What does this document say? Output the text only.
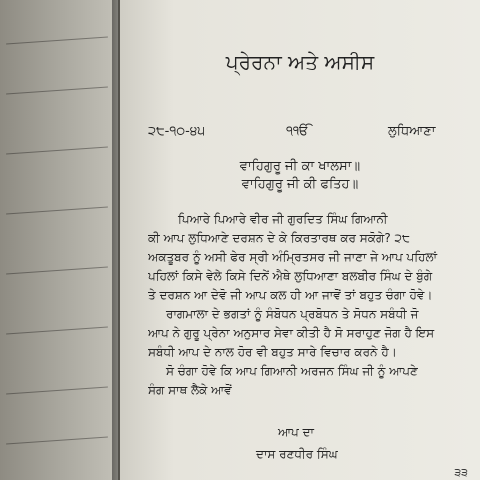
ਪ੍ਰੇਰਨਾ ਅਤੇ ਅਸੀਸ
੨੮-੧੦-੪੫	੧ੴ	ਲੁਧਿਆਣਾ
ਵਾਹਿਗੁਰੂ ਜੀ ਕਾ ਖਾਲਸਾ॥
ਵਾਹਿਗੁਰੂ ਜੀ ਕੀ ਫਤਿਹ॥
ਪਿਆਰੇ ਪਿਆਰੇ ਵੀਰ ਜੀ ਗੁਰਦਿਤ ਸਿੰਘ ਗਿਆਨੀ
ਕੀ ਆਪ ਲੁਧਿਆਣੇ ਦਰਸ਼ਨ ਦੇ ਕੇ ਕਿਰਤਾਰਥ ਕਰ ਸਕੋਗੇ? ੨੮
ਅਕਤੂਬਰ ਨੂੰ ਅਸੀ ਫੇਰ ਸ੍ਰੀ ਅੰਮ੍ਰਿਤਸਰ ਜੀ ਜਾਣਾ ਜੇ ਆਪ ਪਹਿਲਾਂ
ਪਹਿਲਾਂ ਕਿਸੇ ਵੇਲੇ ਕਿਸੇ ਦਿਨੇਂ ਐਥੇ ਲੁਧਿਆਣਾ ਬਲਬੀਰ ਸਿੰਘ ਦੇ ਬੁੰਗੇ
ਤੇ ਦਰਸ਼ਨ ਆ ਦੇਵੋ ਜੀ ਆਪ ਕਲ ਹੀ ਆ ਜਾਵੋਂ ਤਾਂ ਬਹੁਤ ਚੰਗਾ ਹੋਵੇ।
ਰਾਗਮਾਲਾ ਦੇ ਭਗਤਾਂ ਨੂੰ ਸੰਬੋਧਨ ਪ੍ਰਬੋਧਨ ਤੇ ਸੋਧਨ ਸਬੰਧੀ ਜੋ
ਆਪ ਨੇ ਗੁਰੂ ਪ੍ਰੇਨਾ ਅਨੁਸਾਰ ਸੇਵਾ ਕੀਤੀ ਹੈ ਸੋ ਸਰਾਹੁਣ ਜੋਗ ਹੈ ਇਸ
ਸਬੰਧੀ ਆਪ ਦੇ ਨਾਲ ਹੋਰ ਵੀ ਬਹੁਤ ਸਾਰੇ ਵਿਚਾਰ ਕਰਨੇ ਹੈ।
ਸੋ ਚੰਗਾ ਹੋਵੇ ਕਿ ਆਪ ਗਿਆਨੀ ਅਰਜਨ ਸਿੰਘ ਜੀ ਨੂੰ ਆਪਣੇ
ਸੰਗ ਸਾਥ ਲੈਕੇ ਆਵੋਂ
ਆਪ ਦਾ
ਦਾਸ ਰਣਧੀਰ ਸਿੰਘ
੩੩
